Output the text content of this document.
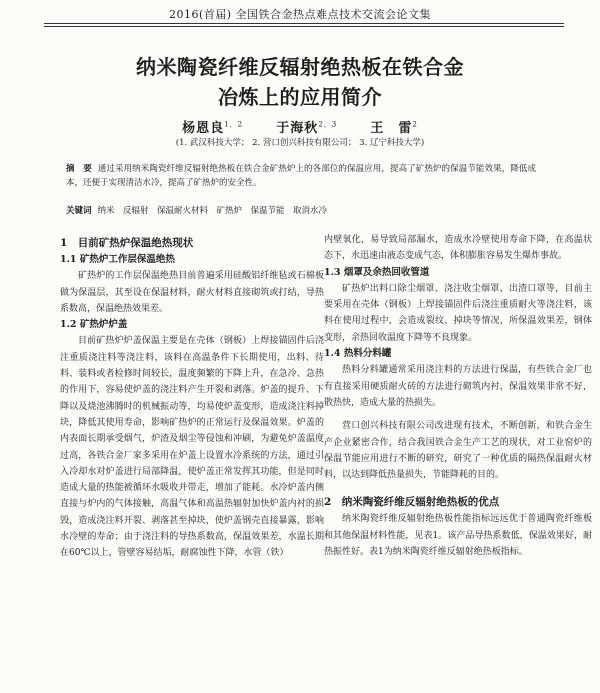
2016(首届) 全国铁合金热点难点技术交流会论文集
纳米陶瓷纤维反辐射绝热板在铁合金
冶炼上的应用简介
杨恩良$^{1,2}$	于海秋$^{2,3}$	王　雷$^2$
(1. 武汉科技大学； 2. 营口创兴科技有限公司； 3. 辽宁科技大学)
摘　要 通过采用纳米陶瓷纤维反辐射绝热板在铁合金矿热炉上的各部位的保温应用，提高了矿热炉的保温节能效果，降低成本，还便于实现清洁水冷，提高了矿热炉的安全性。
关键词 纳米　反辐射　保温耐火材料　矿热炉　保温节能　取消水冷
1　目前矿热炉保温绝热现状
1.1 矿热炉工作层保温绝热

矿热炉的工作层保温绝热目前普遍采用硅酸铝纤维毡或石棉板做为保温层，其至设在保温材料，耐火材料直接砌筑或打结，导热系数高，保温绝热效果差。

1.2 矿热炉炉盖

目前矿热炉炉盖保温主要是在壳体（钢板）上焊接锚固件后浇注重质浇注料等浇注料，该料在高温条件下长期使用，出料、待料、装料或者检修时间较长，温度频繁的下降上升，在急冷、急热的作用下，容易使炉盖的浇注料产生开裂和剥落。炉盖的提升、下降以及烧池沸腾时的机械振动等，均易使炉盖变形，造成浇注料掉块，降低其使用寿命，影响矿热炉的正常运行及保温效果。炉盖的内表面长期承受烟气，炉渣及烟尘等侵蚀和冲刷，为避免炉盖温度过高，各铁合金厂家多采用在炉盖上设置水冷系统的方法，通过引入冷却水对炉盖进行局部降温，使炉盖正常发挥其功能，但是同时造成大量的热能被循环水吸收并带走，增加了能耗。水冷炉盖内侧直接与炉内的气体接触，高温气体和高温热辐射加快炉盖内衬的损毁，造成浇注料开裂、剥落甚至掉块，使炉盖钢壳直接暴露，影响水冷壁的寿命；由于浇注料的导热系数高，保温效果差，水温长期在60℃以上，管壁容易结垢，耐腐蚀性下降，水管（铁）

内壁氧化，易导致局部漏水，造成水冷壁使用寿命下降，在高温状态下，水迅速由液态变成气态，体积膨胀容易发生爆炸事故。

1.3 烟罩及余热回收管道

矿热炉出料口除尘烟罩、浇注收尘烟罩、出渣口罩等，目前主要采用在壳体（钢板）上焊接锚固件后浇注重质耐火等浇注料，该料在使用过程中，会造成裂纹、掉块等情况，所保温效果差，钢体变形，余热回收温度下降等不良现象。

1.4 热料分料罐

热料分料罐通常采用浇注料的方法进行保温，有些铁合金厂也有直接采用硬质耐火砖的方法进行砌筑内衬，保温效果非常不好，散热快，造成大量的热损失。

营口创兴科技有限公司改进现有技术，不断创新，和铁合金生产企业紧密合作，结合我国铁合金生产工艺的现状，对工业窑炉的保温节能应用进行不断的研究，研究了一种优质的隔热保温耐火材料，以达到降低热量损失，节能降耗的目的。

2　纳米陶瓷纤维反辐射绝热板的优点

纳米陶瓷纤维反辐射绝热板性能指标远远优于普通陶瓷纤维板和其他保温材料性能，见表1。该产品导热系数低，保温效果好，耐热振性好。表1为纳米陶瓷纤维反辐射绝热板指标。
